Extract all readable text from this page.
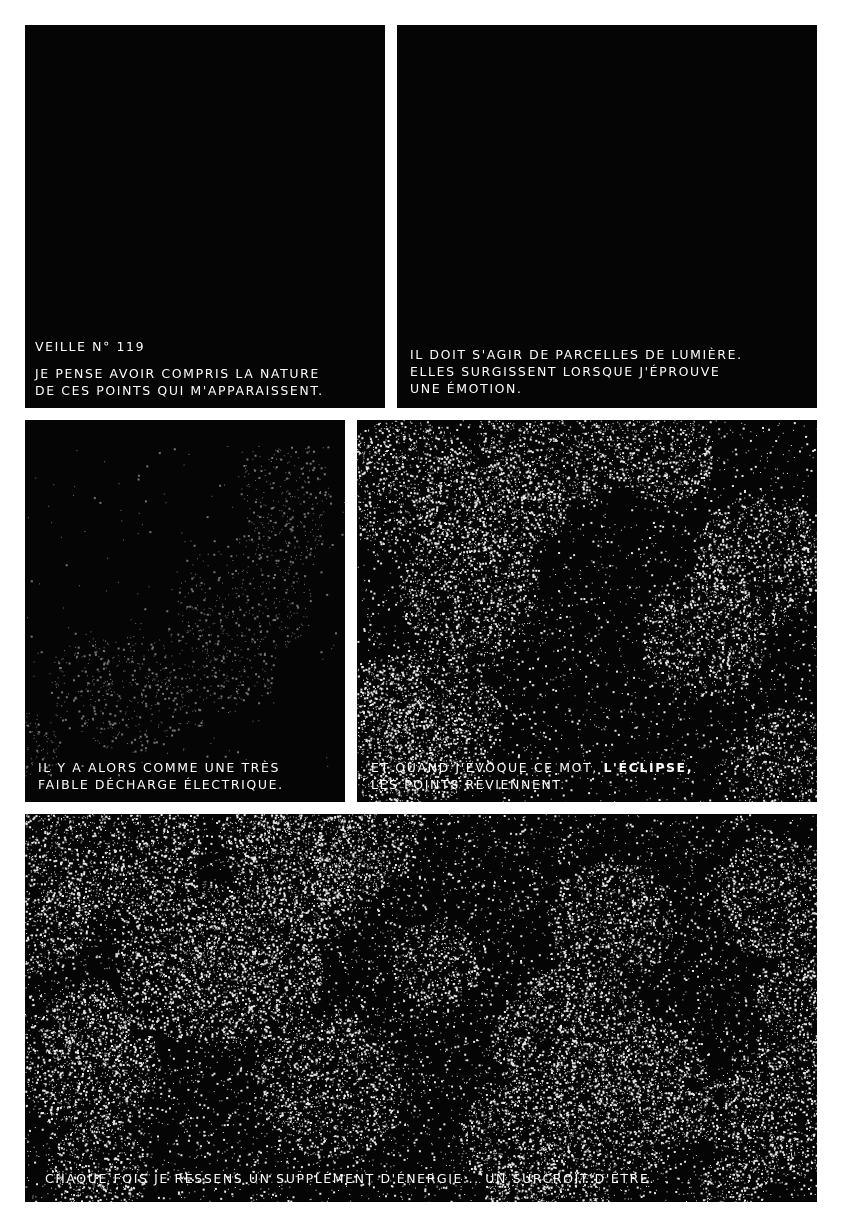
VEILLE N° 119
JE PENSE AVOIR COMPRIS LA NATURE
DE CES POINTS QUI M'APPARAISSENT.
IL DOIT S'AGIR DE PARCELLES DE LUMIÈRE.
ELLES SURGISSENT LORSQUE J'ÉPROUVE
UNE ÉMOTION.
IL Y A ALORS COMME UNE TRÈS
FAIBLE DÉCHARGE ÉLECTRIQUE.
ET QUAND J'ÉVOQUE CE MOT, L'ÉCLIPSE,
LES POINTS REVIENNENT.
CHAQUE FOIS JE RESSENS UN SUPPLÉMENT D'ÉNERGIE... UN SURCROÎT D'ÊTRE.
